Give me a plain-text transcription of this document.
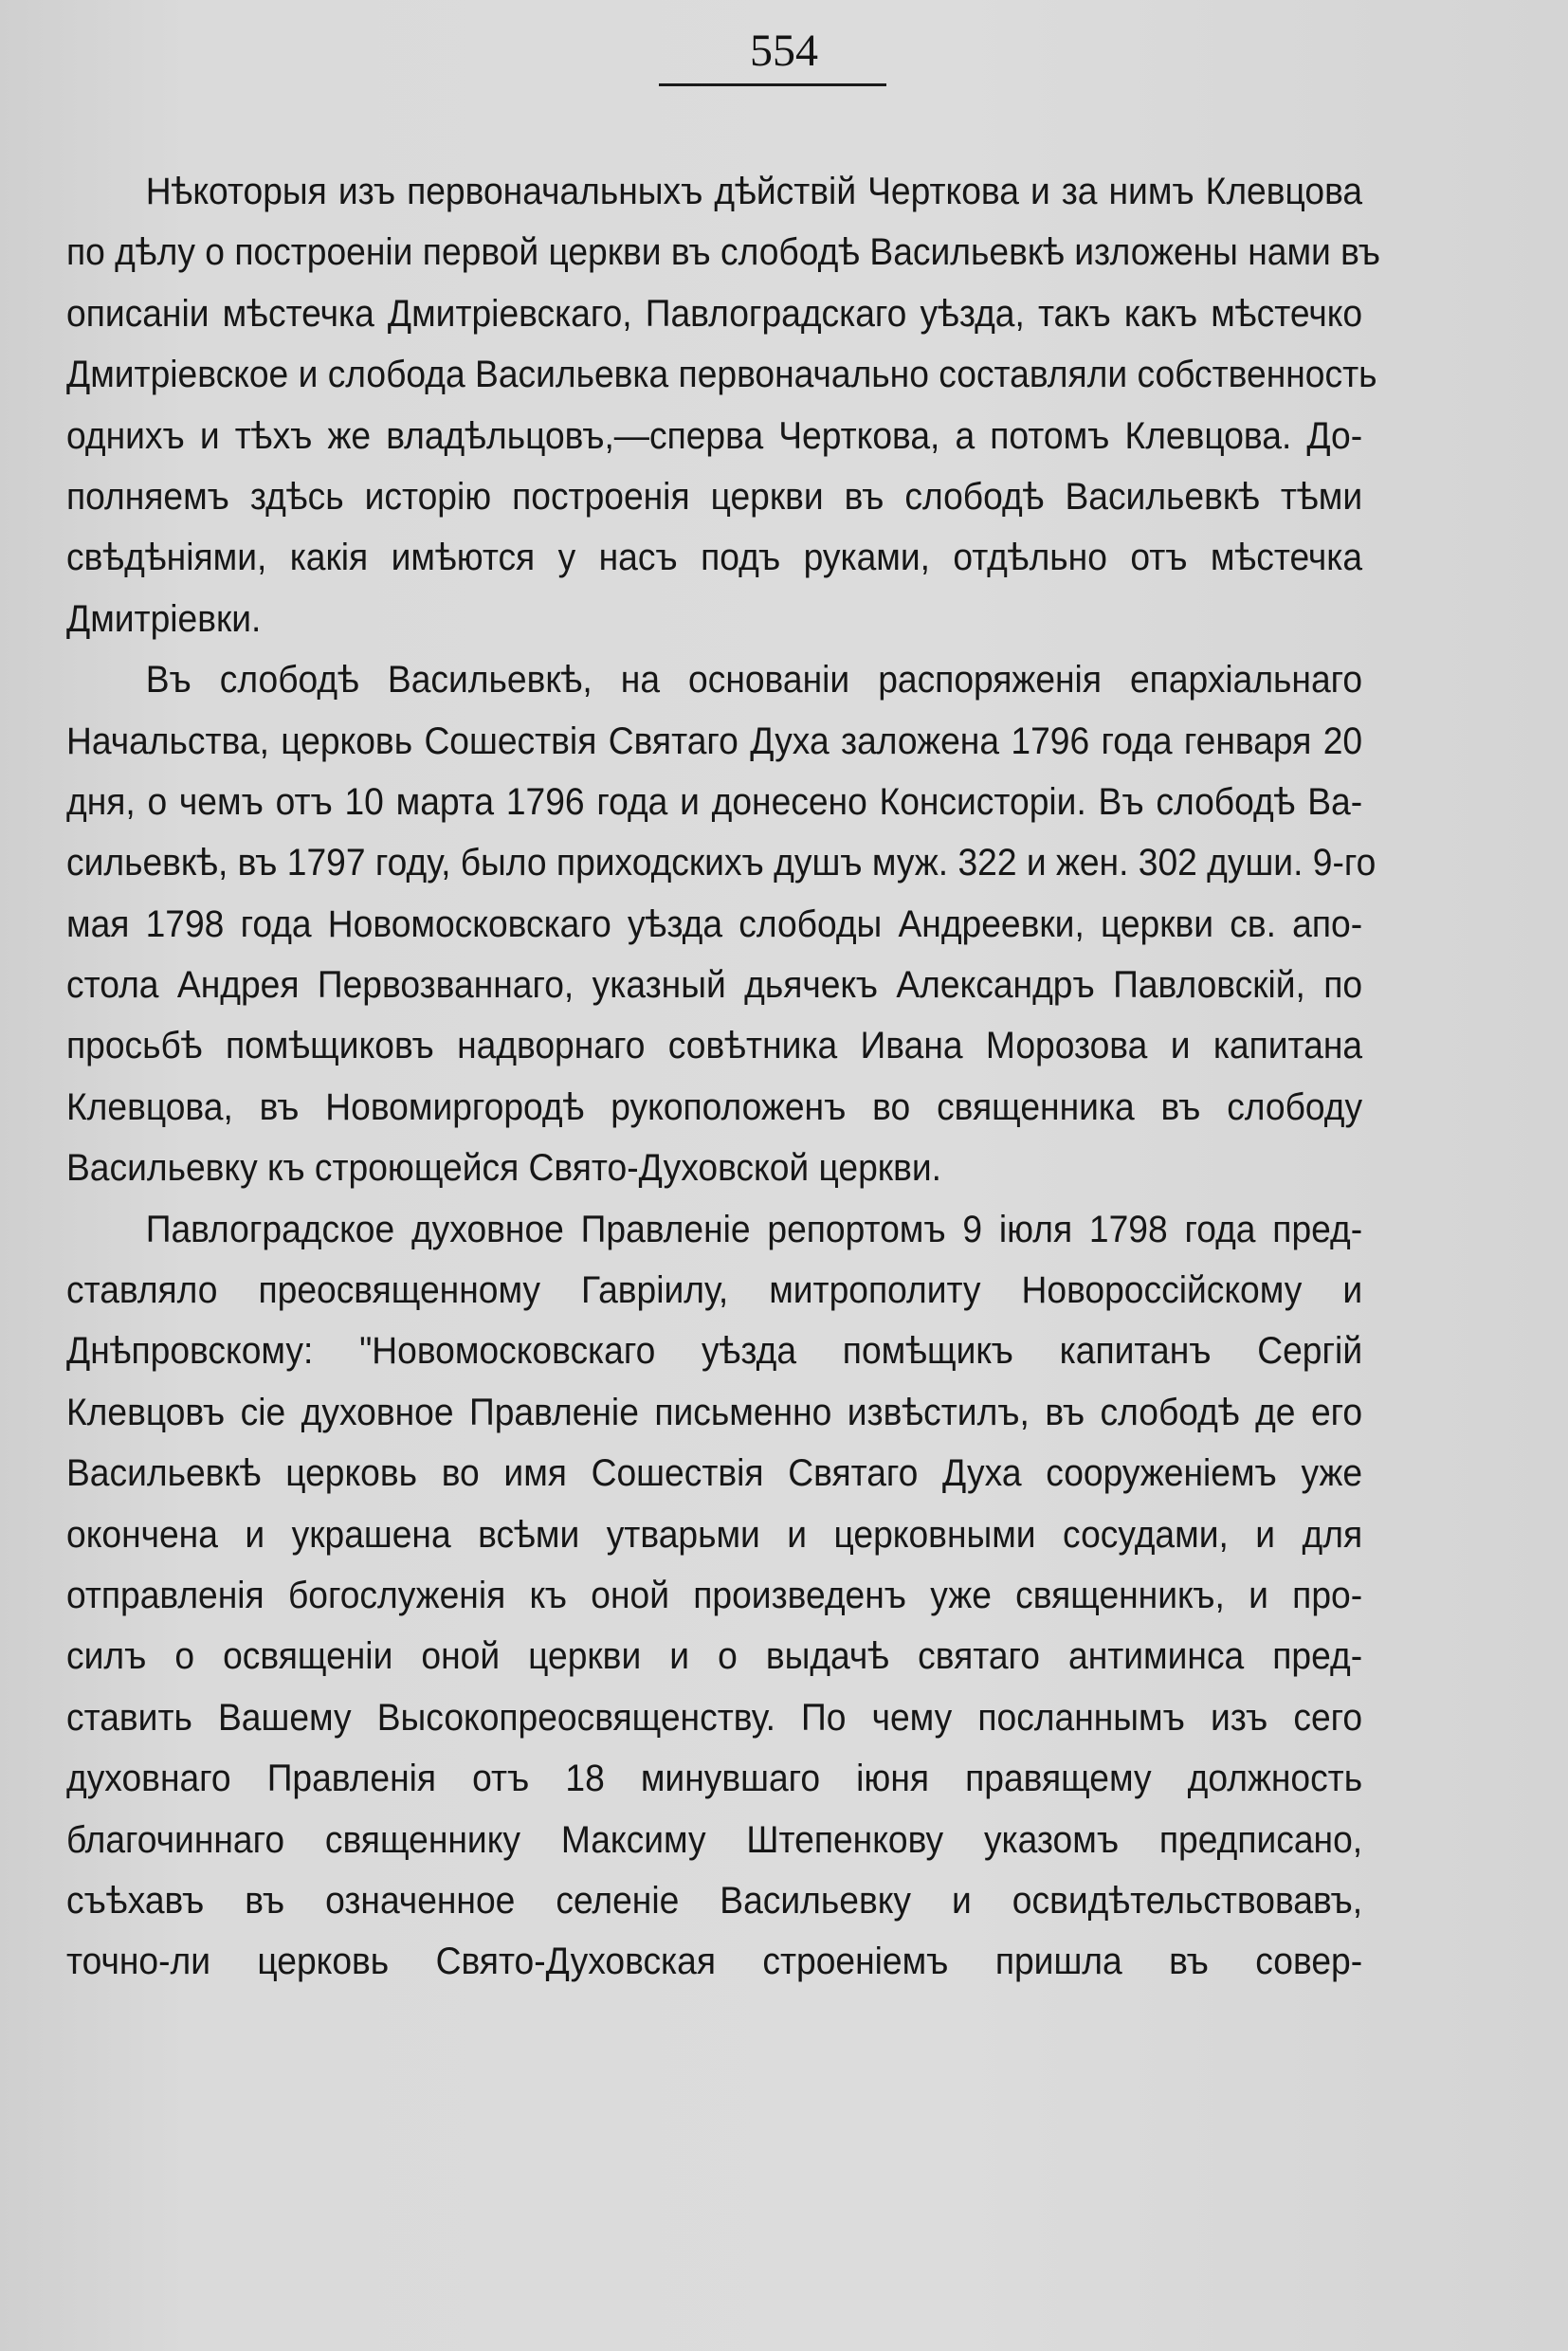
554
Нѣкоторыя изъ первоначальныхъ дѣйствій Черткова и за нимъ Клевцова
по дѣлу о построеніи первой церкви въ слободѣ Васильевкѣ изложены нами въ
описаніи мѣстечка Дмитріевскаго, Павлоградскаго уѣзда, такъ какъ мѣстечко
Дмитріевское и слобода Васильевка первоначально составляли собственность
однихъ и тѣхъ же владѣльцовъ,—сперва Черткова, а потомъ Клевцова. До-
полняемъ здѣсь исторію построенія церкви въ слободѣ Васильевкѣ тѣми
свѣдѣніями, какія имѣются у насъ подъ руками, отдѣльно отъ мѣстечка
Дмитріевки.
Въ слободѣ Васильевкѣ, на основаніи распоряженія епархіальнаго
Начальства, церковь Сошествія Святаго Духа заложена 1796 года генваря 20
дня, о чемъ отъ 10 марта 1796 года и донесено Консисторіи. Въ слободѣ Ва-
сильевкѣ, въ 1797 году, было приходскихъ душъ муж. 322 и жен. 302 души. 9-го
мая 1798 года Новомосковскаго уѣзда слободы Андреевки, церкви св. апо-
стола Андрея Первозваннаго, указный дьячекъ Александръ Павловскій, по
просьбѣ помѣщиковъ надворнаго совѣтника Ивана Морозова и капитана
Клевцова, въ Новомиргородѣ рукоположенъ во священника въ слободу
Васильевку къ строющейся Свято-Духовской церкви.
Павлоградское духовное Правленіе репортомъ 9 іюля 1798 года пред-
ставляло преосвященному Гавріилу, митрополиту Новороссійскому и
Днѣпровскому: "Новомосковскаго уѣзда помѣщикъ капитанъ Сергій
Клевцовъ сіе духовное Правленіе письменно извѣстилъ, въ слободѣ де его
Васильевкѣ церковь во имя Сошествія Святаго Духа сооруженіемъ уже
окончена и украшена всѣми утварьми и церковными сосудами, и для
отправленія богослуженія къ оной произведенъ уже священникъ, и про-
силъ о освященіи оной церкви и о выдачѣ святаго антиминса пред-
ставить Вашему Высокопреосвященству. По чему посланнымъ изъ сего
духовнаго Правленія отъ 18 минувшаго іюня правящему должность
благочиннаго священнику Максиму Штепенкову указомъ предписано,
съѣхавъ въ означенное селеніе Васильевку и освидѣтельствовавъ,
точно-ли церковь Свято-Духовская строеніемъ пришла въ совер-
